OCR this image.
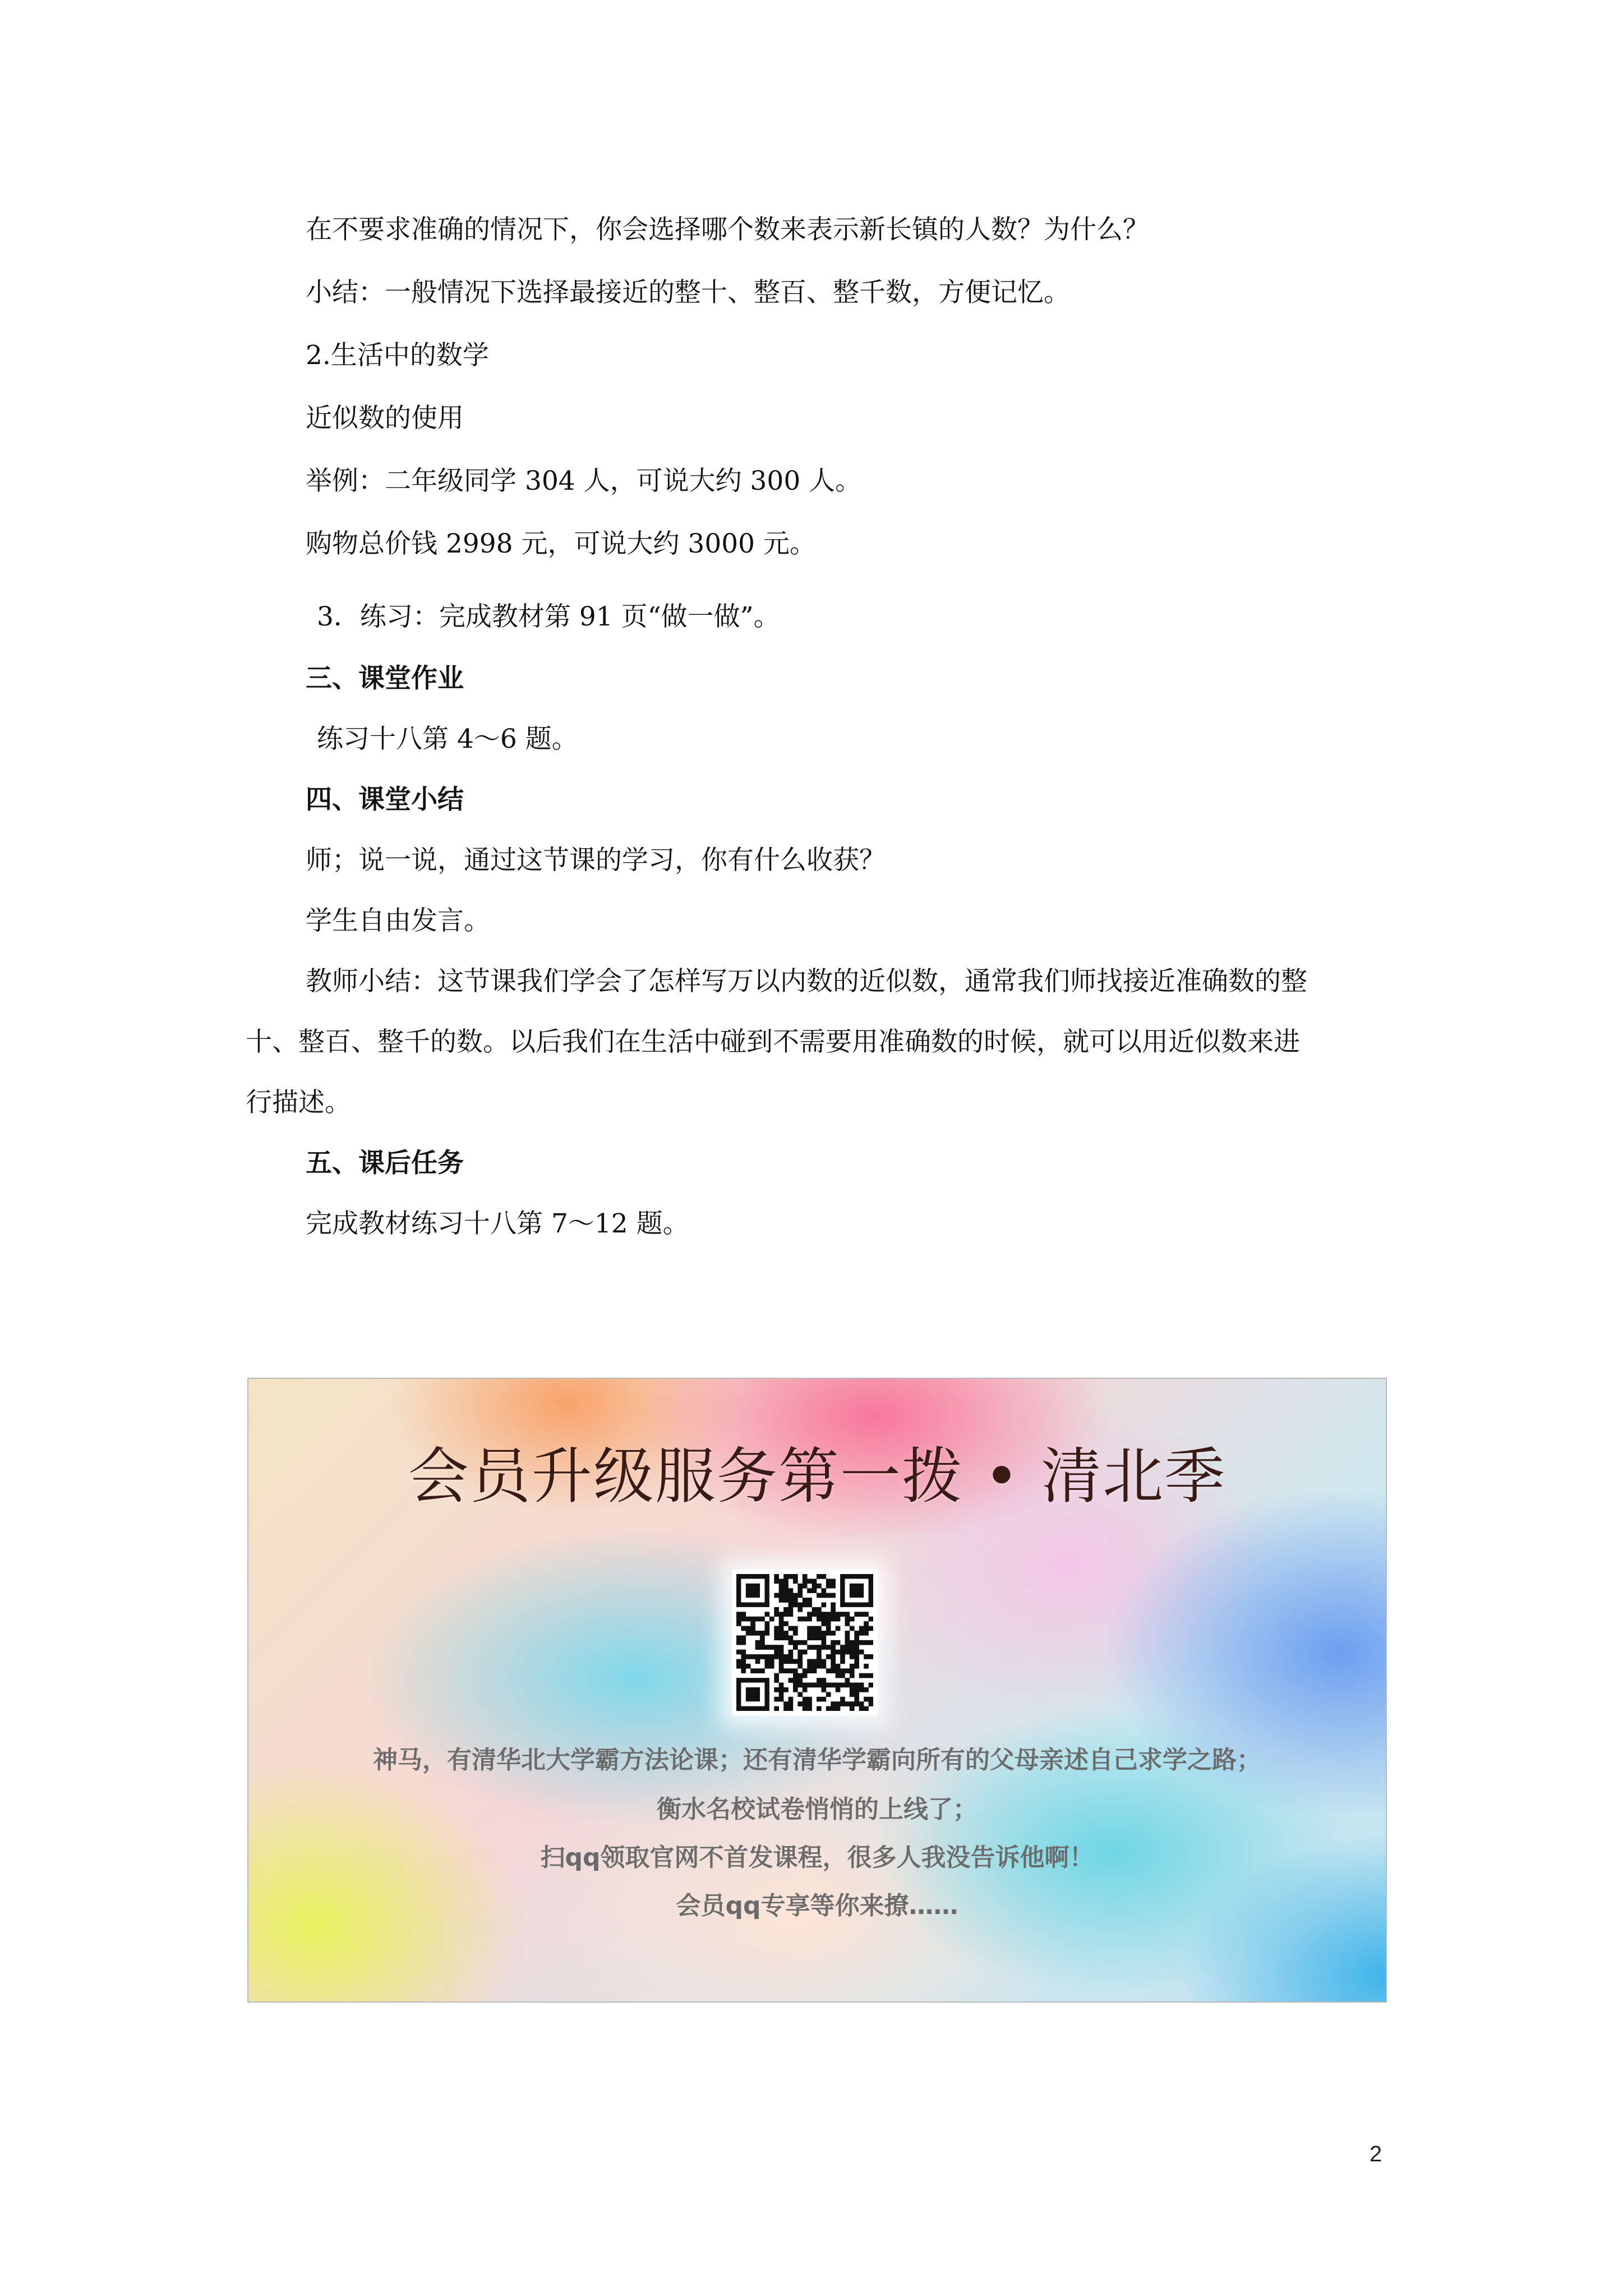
在不要求准确的情况下，你会选择哪个数来表示新长镇的人数？为什么？
小结：一般情况下选择最接近的整十、整百、整千数，方便记忆。
2.生活中的数学
近似数的使用
举例：二年级同学 304 人，可说大约 300 人。
购物总价钱 2998 元，可说大约 3000 元。
3．练习：完成教材第 91 页“做一做”。
三、课堂作业
练习十八第 4～6 题。
四、课堂小结
师；说一说，通过这节课的学习，你有什么收获？
学生自由发言。
教师小结：这节课我们学会了怎样写万以内数的近似数，通常我们师找接近准确数的整
十、整百、整千的数。以后我们在生活中碰到不需要用准确数的时候，就可以用近似数来进
行描述。
五、课后任务
完成教材练习十八第 7～12 题。
会员升级服务第一拨 • 清北季
神马，有清华北大学霸方法论课；还有清华学霸向所有的父母亲述自己求学之路；
衡水名校试卷悄悄的上线了；
扫qq领取官网不首发课程，很多人我没告诉他啊！
会员qq专享等你来撩……
2
